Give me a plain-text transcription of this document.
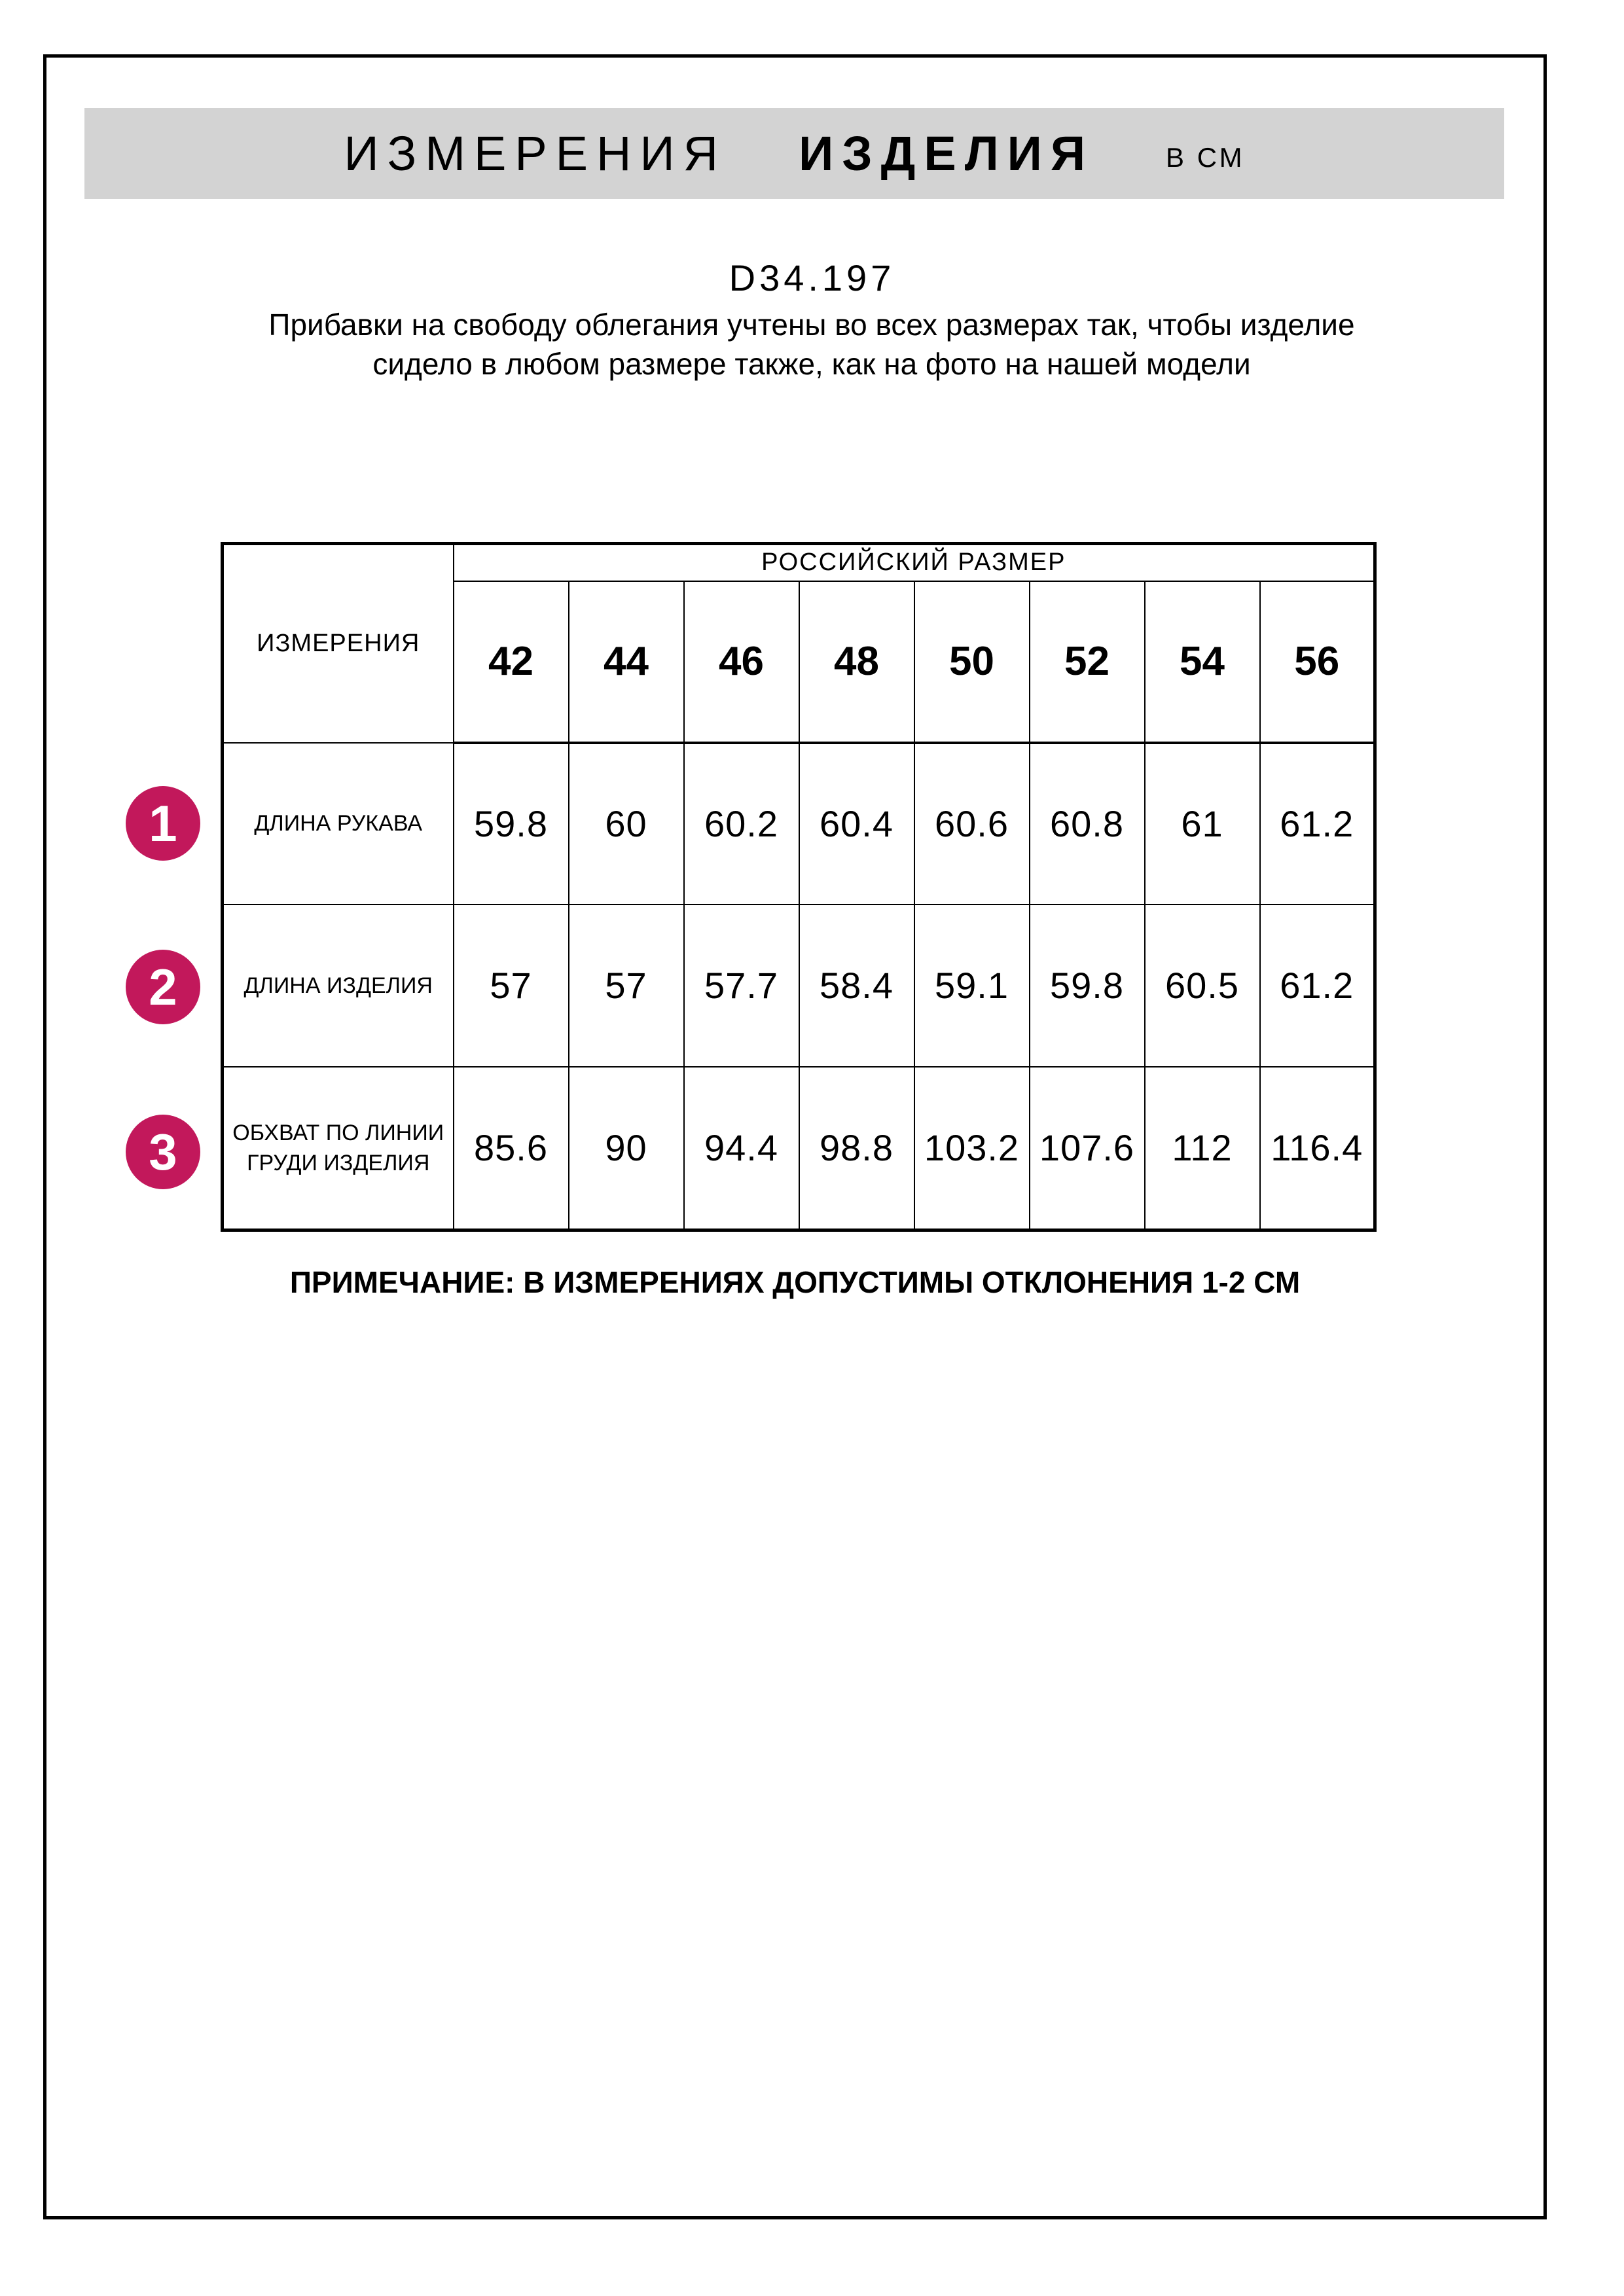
ИЗМЕРЕНИЯ ИЗДЕЛИЯ	В СМ
D34.197
Прибавки на свободу облегания учтены во всех размерах так, чтобы изделие сидело в любом размере также, как на фото на нашей модели
ИЗМЕРЕНИЯ	РОССИЙСКИЙ РАЗМЕР							
	42	44	46	48	50	52	54	56
ДЛИНА РУКАВА	59.8	60	60.2	60.4	60.6	60.8	61	61.2
ДЛИНА ИЗДЕЛИЯ	57	57	57.7	58.4	59.1	59.8	60.5	61.2
ОБХВАТ ПО ЛИНИИ ГРУДИ ИЗДЕЛИЯ	85.6	90	94.4	98.8	103.2	107.6	112	116.4
1
2
3
ПРИМЕЧАНИЕ: В ИЗМЕРЕНИЯХ ДОПУСТИМЫ ОТКЛОНЕНИЯ 1-2 СМ
